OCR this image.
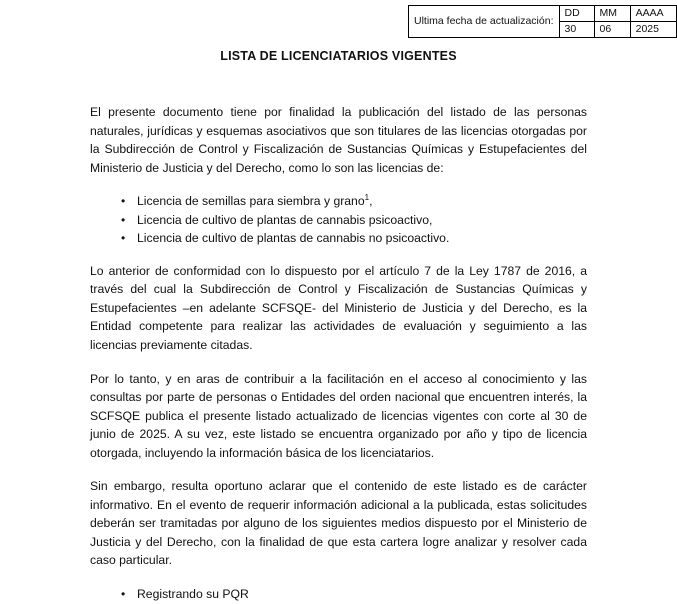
Ultima fecha de actualización:	DD	MM	AAAA
	30	06	2025
LISTA DE LICENCIATARIOS VIGENTES

El presente documento tiene por finalidad la publicación del listado de las personas naturales, jurídicas y esquemas asociativos que son titulares de las licencias otorgadas por la Subdirección de Control y Fiscalización de Sustancias Químicas y Estupefacientes del Ministerio de Justicia y del Derecho, como lo son las licencias de:

• Licencia de semillas para siembra y grano$^1$,
• Licencia de cultivo de plantas de cannabis psicoactivo,
• Licencia de cultivo de plantas de cannabis no psicoactivo.

Lo anterior de conformidad con lo dispuesto por el artículo 7 de la Ley 1787 de 2016, a través del cual la Subdirección de Control y Fiscalización de Sustancias Químicas y Estupefacientes –en adelante SCFSQE- del Ministerio de Justicia y del Derecho, es la Entidad competente para realizar las actividades de evaluación y seguimiento a las licencias previamente citadas.

Por lo tanto, y en aras de contribuir a la facilitación en el acceso al conocimiento y las consultas por parte de personas o Entidades del orden nacional que encuentren interés, la SCFSQE publica el presente listado actualizado de licencias vigentes con corte al 30 de junio de 2025. A su vez, este listado se encuentra organizado por año y tipo de licencia otorgada, incluyendo la información básica de los licenciatarios.

Sin embargo, resulta oportuno aclarar que el contenido de este listado es de carácter informativo. En el evento de requerir información adicional a la publicada, estas solicitudes deberán ser tramitadas por alguno de los siguientes medios dispuesto por el Ministerio de Justicia y del Derecho, con la finalidad de que esta cartera logre analizar y resolver cada caso particular.

• Registrando su PQR
